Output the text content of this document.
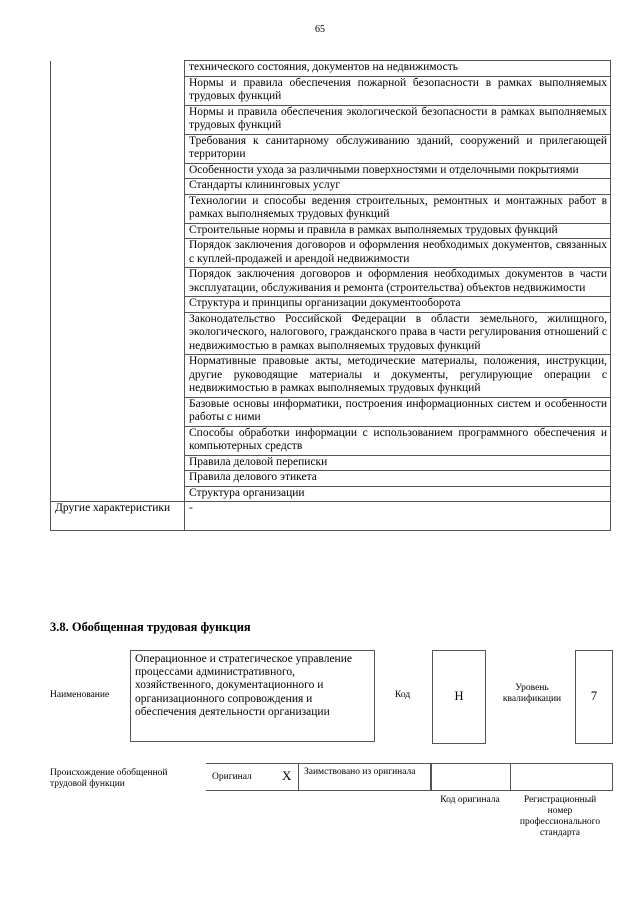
65
	технического состояния, документов на недвижимость
	Нормы и правила обеспечения пожарной безопасности в рамках выполняемых трудовых функций
	Нормы и правила обеспечения экологической безопасности в рамках выполняемых трудовых функций
	Требования к санитарному обслуживанию зданий, сооружений и прилегающей территории
	Особенности ухода за различными поверхностями и отделочными покрытиями
	Стандарты клининговых услуг
	Технологии и способы ведения строительных, ремонтных и монтажных работ в рамках выполняемых трудовых функций
	Строительные нормы и правила в рамках выполняемых трудовых функций
	Порядок заключения договоров и оформления необходимых документов, связанных с куплей-продажей и арендой недвижимости
	Порядок заключения договоров и оформления необходимых документов в части эксплуатации, обслуживания и ремонта (строительства) объектов недвижимости
	Структура и принципы организации документооборота
	Законодательство Российской Федерации в области земельного, жилищного, экологического, налогового, гражданского права в части регулирования отношений с недвижимостью в рамках выполняемых трудовых функций
	Нормативные правовые акты, методические материалы, положения, инструкции, другие руководящие материалы и документы, регулирующие операции с недвижимостью в рамках выполняемых трудовых функций
	Базовые основы информатики, построения информационных систем и особенности работы с ними
	Способы обработки информации с использованием программного обеспечения и компьютерных средств
	Правила деловой переписки
	Правила делового этикета
	Структура организации
Другие характеристики	-
3.8. Обобщенная трудовая функция
Наименование
Операционное и стратегическое управление процессами административного, хозяйственного, документационного и организационного сопровождения и обеспечения деятельности организации
Код	H
Уровень квалификации	7
Происхождение обобщенной трудовой функции
Оригинал X Заимствовано из оригинала
Код оригинала	Регистрационный номер профессионального стандарта
